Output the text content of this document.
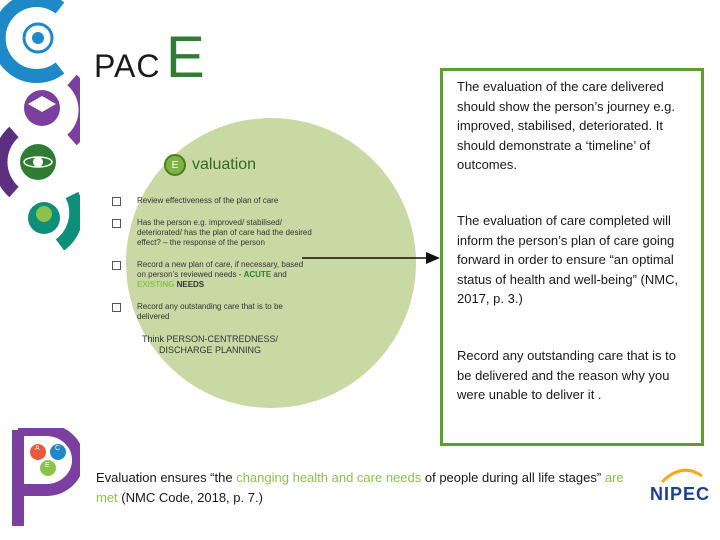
PAC E
E valuation
Review effectiveness of the plan of care
Has the person e.g. improved/ stabilised/ deteriorated/ has the plan of care had the desired effect? – the response of the person
Record a new plan of care, if necessary, based on person’s reviewed needs - ACUTE and EXISTING NEEDS
Record any outstanding care that is to be delivered
Think PERSON-CENTREDNESS/ DISCHARGE PLANNING
The evaluation of the care delivered should show the person’s journey e.g. improved, stabilised, deteriorated. It should demonstrate a ‘timeline’ of outcomes.
The evaluation of care completed will inform the person’s plan of care going forward in order to ensure “an optimal status of health and well-being” (NMC, 2017, p. 3.)
Record any outstanding care that is to be delivered and the reason why you were unable to deliver it .
A C
E
Evaluation ensures “the changing health and care needs of people during all life stages” are met (NMC Code, 2018, p. 7.)	NIPEC
